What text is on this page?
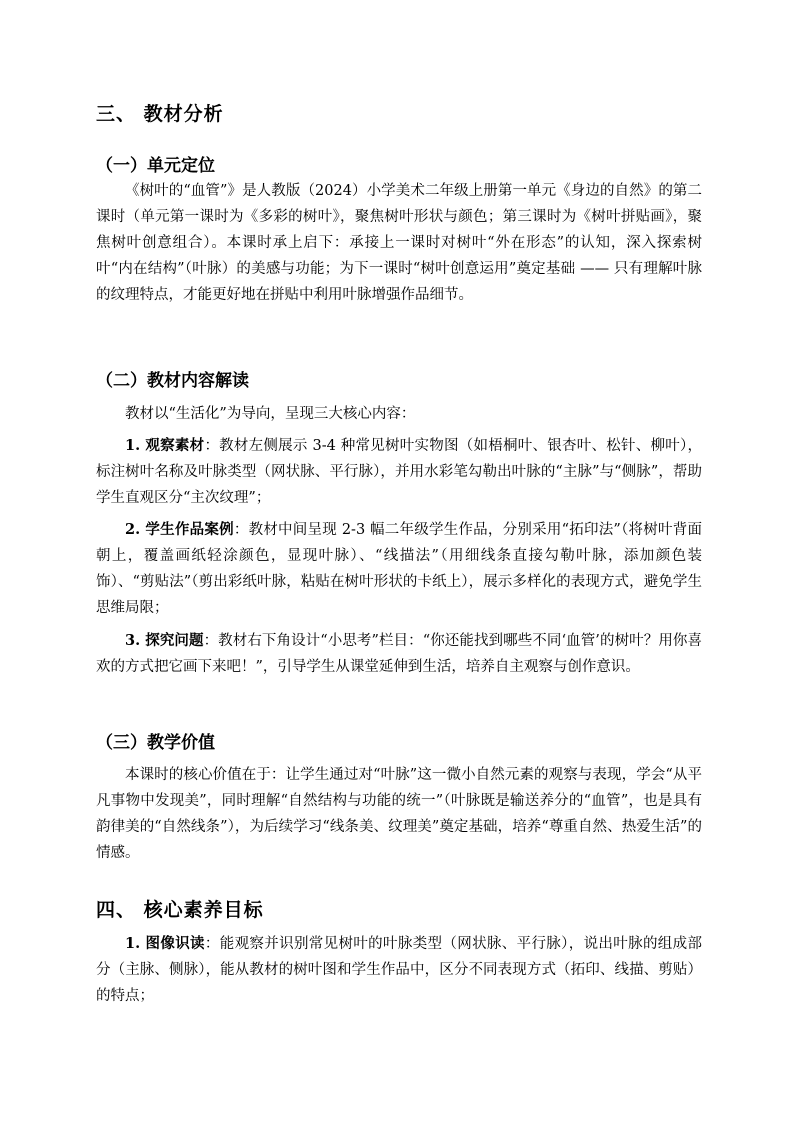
三、 教材分析
（一）单元定位

《树叶的“血管”》是人教版（2024）小学美术二年级上册第一单元《身边的自然》的第二课时（单元第一课时为《多彩的树叶》，聚焦树叶形状与颜色；第三课时为《树叶拼贴画》，聚焦树叶创意组合）。本课时承上启下：承接上一课时对树叶“外在形态”的认知，深入探索树叶“内在结构”（叶脉）的美感与功能；为下一课时“树叶创意运用”奠定基础 —— 只有理解叶脉的纹理特点，才能更好地在拼贴中利用叶脉增强作品细节。

（二）教材内容解读

教材以“生活化”为导向，呈现三大核心内容：

1. 观察素材：教材左侧展示 3-4 种常见树叶实物图（如梧桐叶、银杏叶、松针、柳叶），标注树叶名称及叶脉类型（网状脉、平行脉），并用水彩笔勾勒出叶脉的“主脉”与“侧脉”，帮助学生直观区分“主次纹理”；

2. 学生作品案例：教材中间呈现 2-3 幅二年级学生作品，分别采用“拓印法”（将树叶背面朝上，覆盖画纸轻涂颜色，显现叶脉）、“线描法”（用细线条直接勾勒叶脉，添加颜色装饰）、“剪贴法”（剪出彩纸叶脉，粘贴在树叶形状的卡纸上），展示多样化的表现方式，避免学生思维局限；

3. 探究问题：教材右下角设计“小思考”栏目：“你还能找到哪些不同‘血管’的树叶？用你喜欢的方式把它画下来吧！”，引导学生从课堂延伸到生活，培养自主观察与创作意识。

（三）教学价值

本课时的核心价值在于：让学生通过对“叶脉”这一微小自然元素的观察与表现，学会“从平凡事物中发现美”，同时理解“自然结构与功能的统一”（叶脉既是输送养分的“血管”，也是具有韵律美的“自然线条”），为后续学习“线条美、纹理美”奠定基础，培养“尊重自然、热爱生活”的情感。

四、 核心素养目标

1. 图像识读：能观察并识别常见树叶的叶脉类型（网状脉、平行脉），说出叶脉的组成部分（主脉、侧脉），能从教材的树叶图和学生作品中，区分不同表现方式（拓印、线描、剪贴）的特点；
